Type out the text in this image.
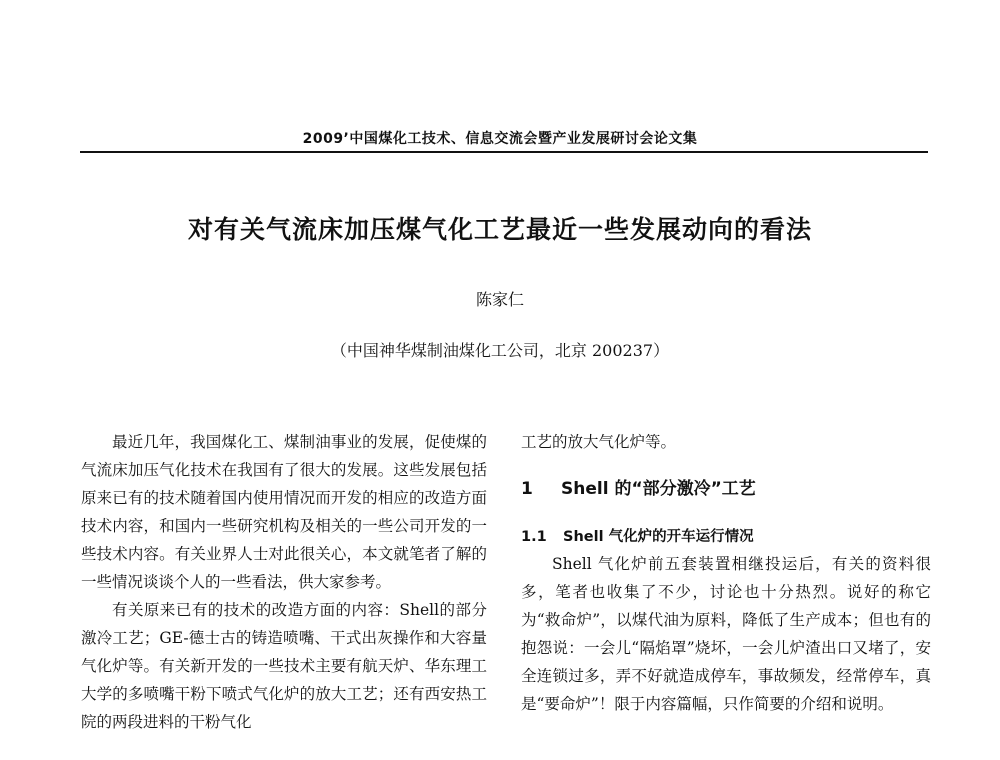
2009’中国煤化工技术、信息交流会暨产业发展研讨会论文集
对有关气流床加压煤气化工艺最近一些发展动向的看法
陈家仁
（中国神华煤制油煤化工公司，北京 200237）

最近几年，我国煤化工、煤制油事业的发展，促使煤的气流床加压气化技术在我国有了很大的发展。这些发展包括原来已有的技术随着国内使用情况而开发的相应的改造方面技术内容，和国内一些研究机构及相关的一些公司开发的一些技术内容。有关业界人士对此很关心，本文就笔者了解的一些情况谈谈个人的一些看法，供大家参考。

有关原来已有的技术的改造方面的内容：Shell的部分激冷工艺；GE-德士古的铸造喷嘴、干式出灰操作和大容量气化炉等。有关新开发的一些技术主要有航天炉、华东理工大学的多喷嘴干粉下喷式气化炉的放大工艺；还有西安热工院的两段进料的干粉气化

工艺的放大气化炉等。

1 Shell 的“部分激冷”工艺
1.1 Shell 气化炉的开车运行情况

Shell 气化炉前五套装置相继投运后，有关的资料很多，笔者也收集了不少，讨论也十分热烈。说好的称它为“救命炉”，以煤代油为原料，降低了生产成本；但也有的抱怨说：一会儿“隔焰罩”烧坏，一会儿炉渣出口又堵了，安全连锁过多，弄不好就造成停车，事故频发，经常停车，真是“要命炉”！限于内容篇幅，只作简要的介绍和说明。
